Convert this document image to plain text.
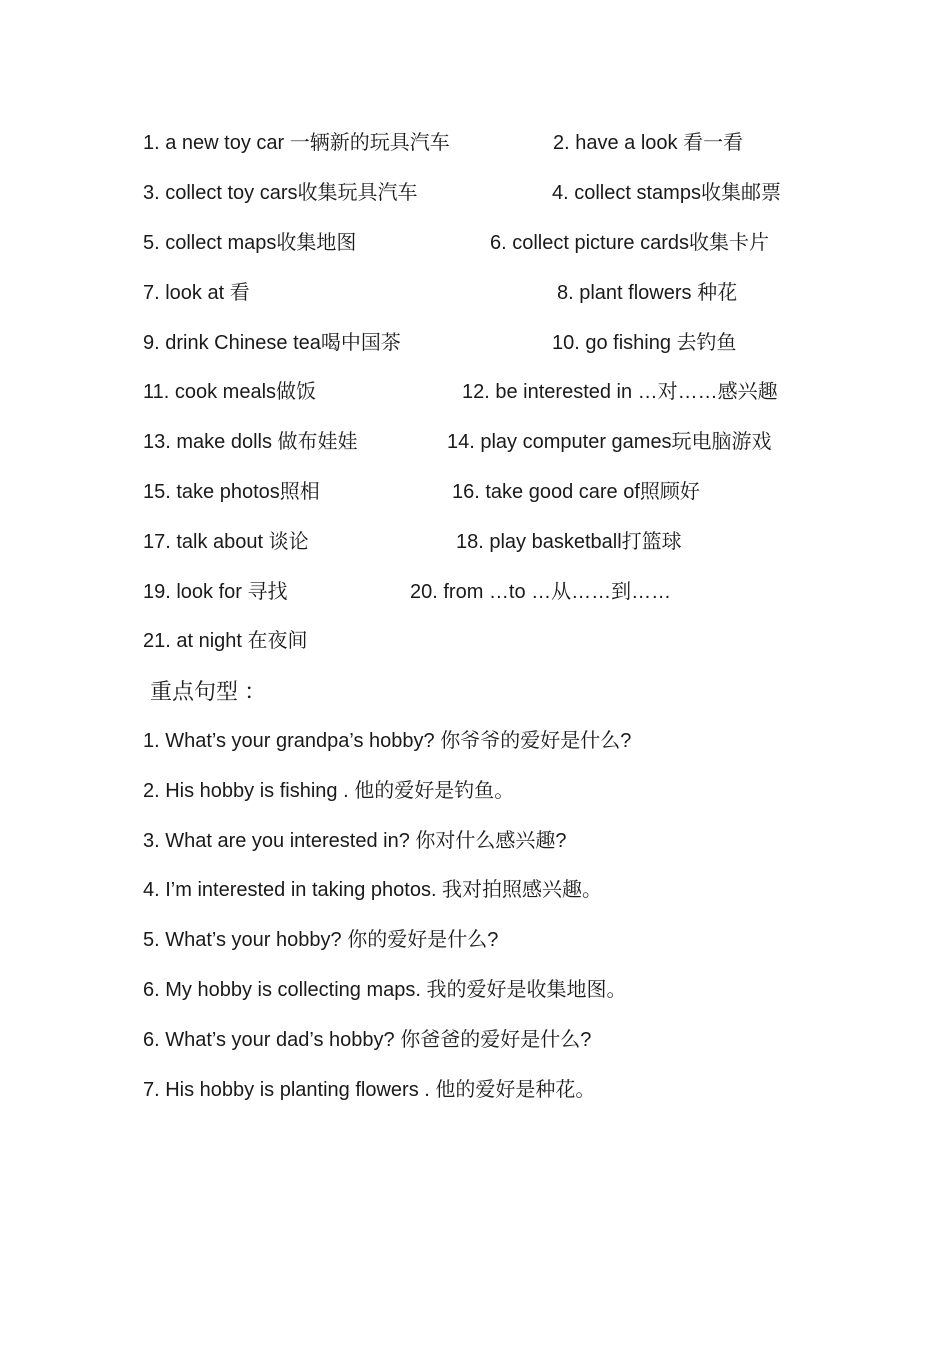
1. a new toy car 一辆新的玩具汽车	2. have a look 看一看
3. collect toy cars收集玩具汽车	4. collect stamps收集邮票
5. collect maps收集地图	6. collect picture cards收集卡片
7. look at 看	8. plant flowers 种花
9. drink Chinese tea喝中国茶	10. go fishing 去钓鱼
11. cook meals做饭	12. be interested in …对……感兴趣
13. make dolls 做布娃娃	14. play computer games玩电脑游戏
15. take photos照相	16. take good care of照顾好
17. talk about 谈论	18. play basketball打篮球
19. look for 寻找	20. from …to …从……到……
21. at night 在夜间
重点句型 ：
1. What’s your grandpa’s hobby? 你爷爷的爱好是什么?
2. His hobby is fishing . 他的爱好是钓鱼。
3. What are you interested in? 你对什么感兴趣?
4. I’m interested in taking photos. 我对拍照感兴趣。
5. What’s your hobby? 你的爱好是什么?
6. My hobby is collecting maps. 我的爱好是收集地图。
6. What’s your dad’s hobby? 你爸爸的爱好是什么?
7. His hobby is planting flowers . 他的爱好是种花。
